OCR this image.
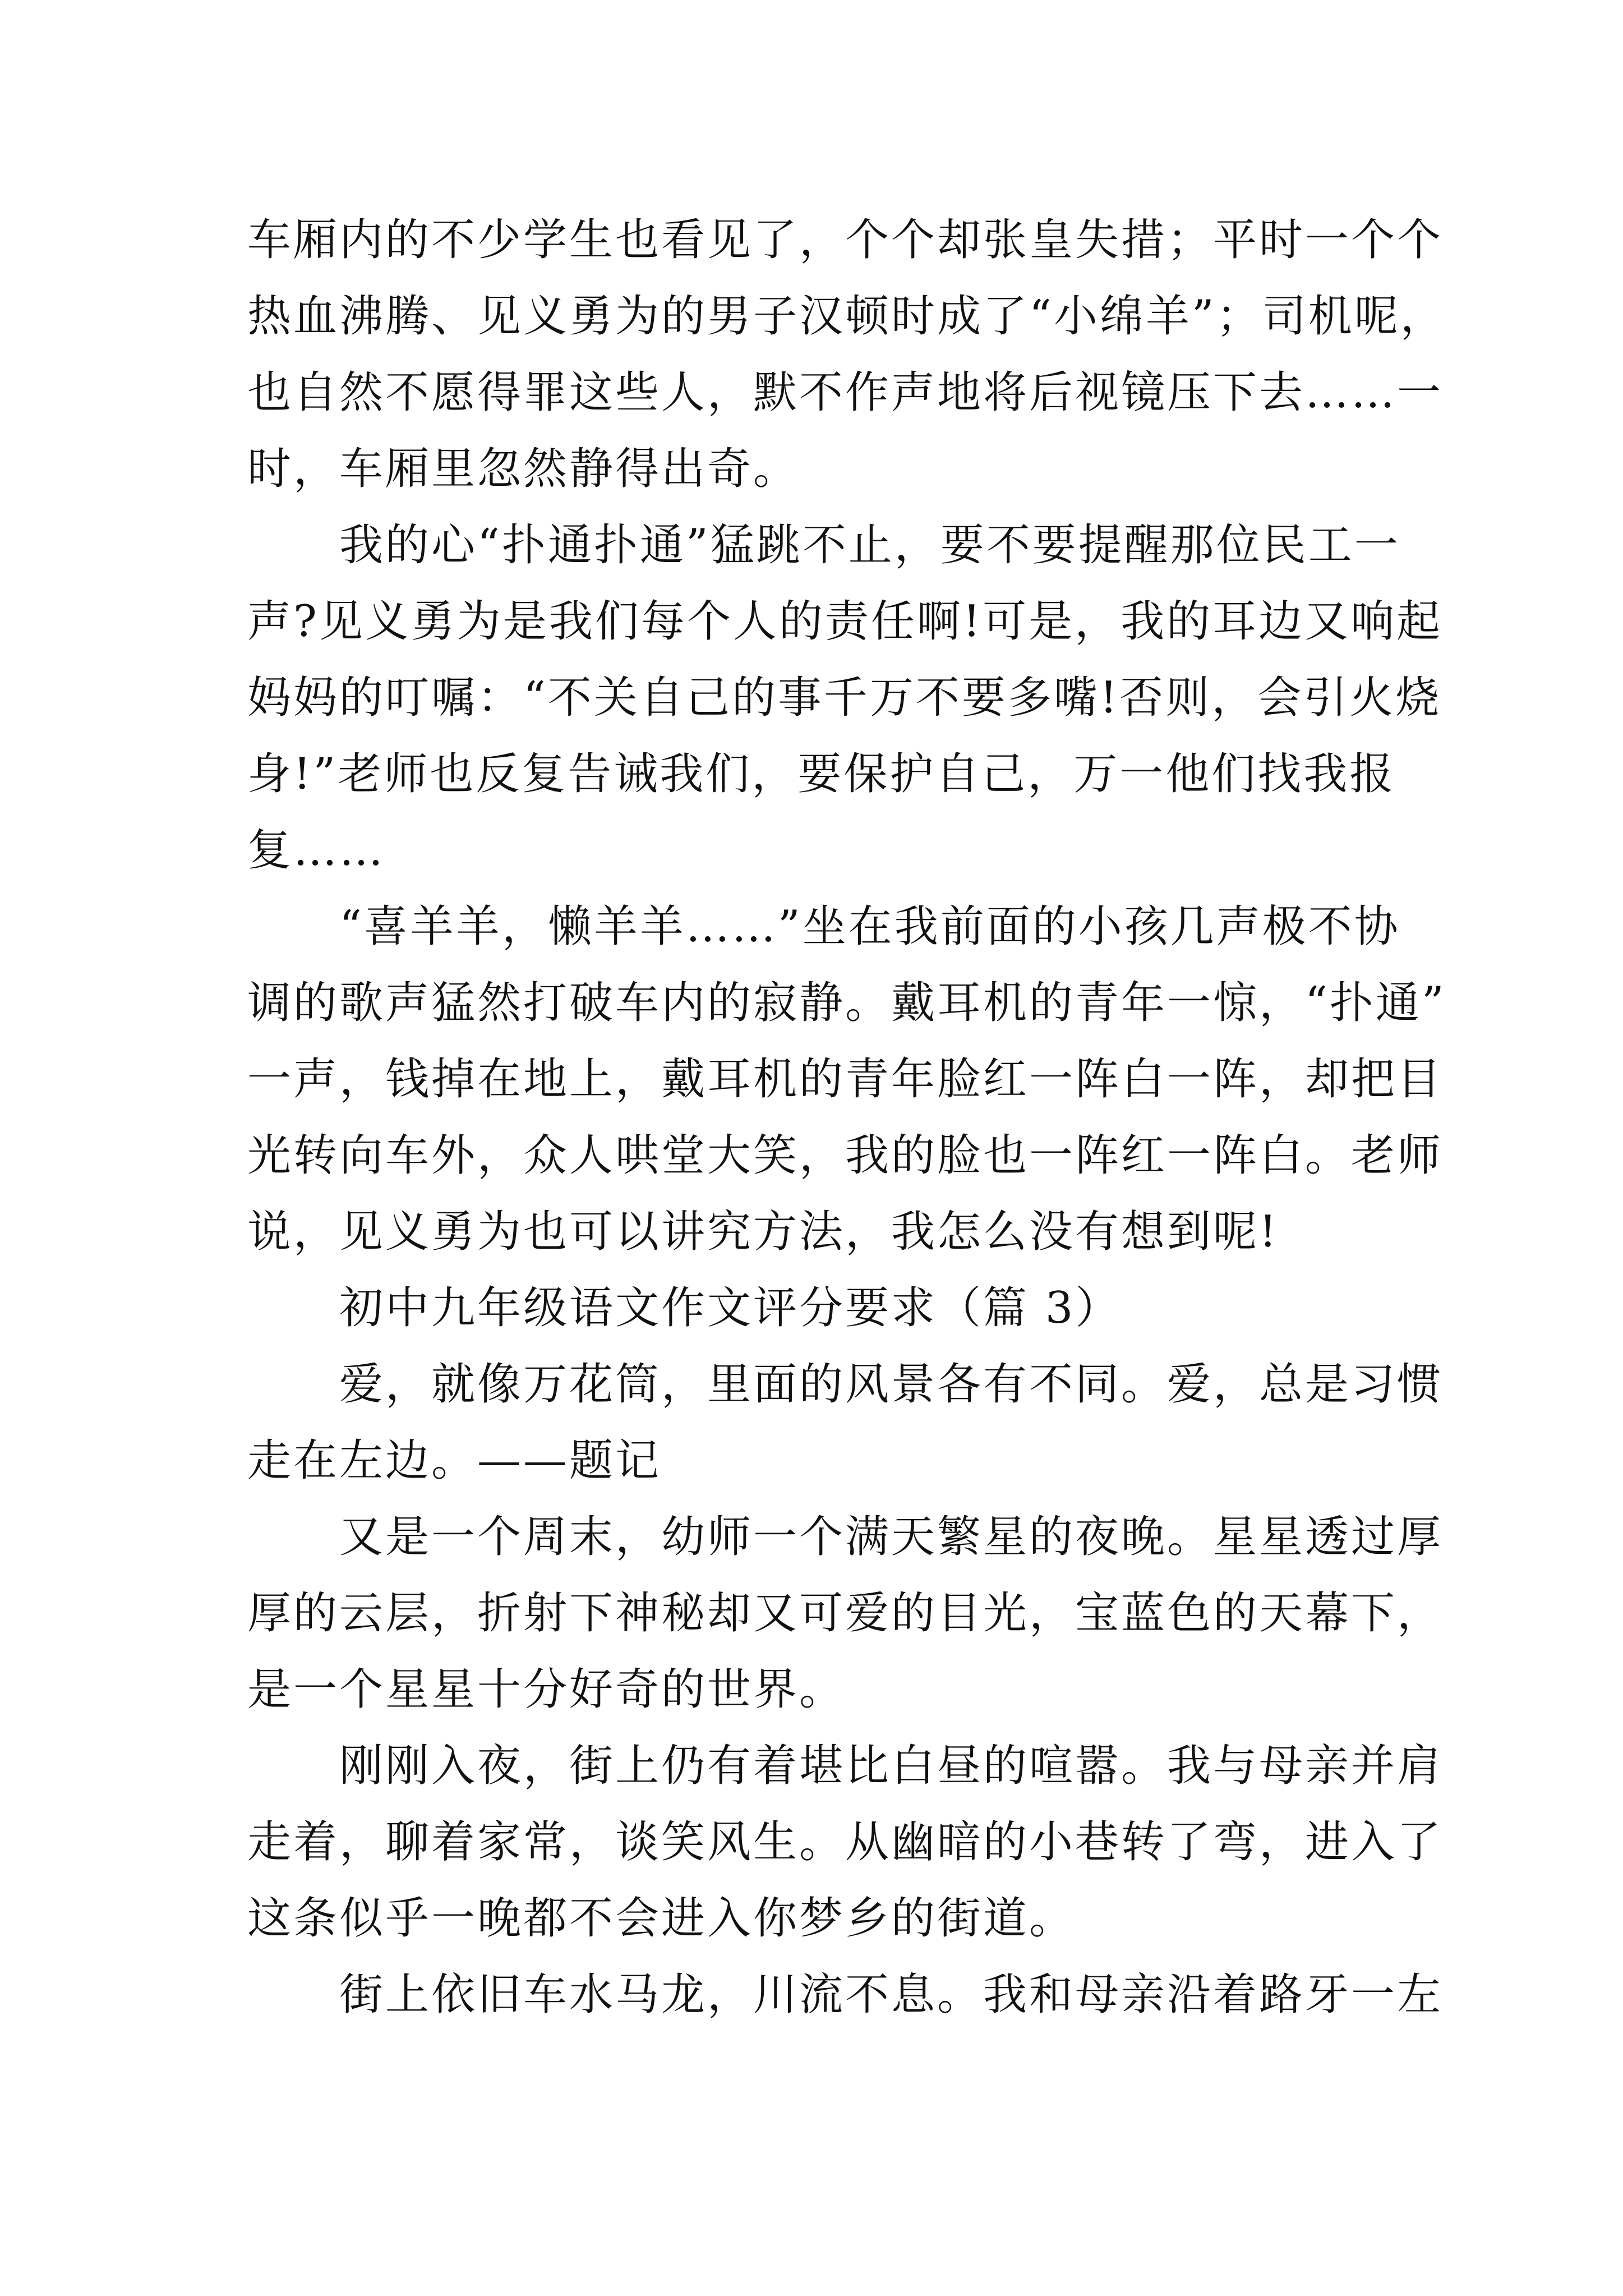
车厢内的不少学生也看见了，个个却张皇失措；平时一个个

热血沸腾、见义勇为的男子汉顿时成了“小绵羊”；司机呢，

也自然不愿得罪这些人，默不作声地将后视镜压下去……一

时，车厢里忽然静得出奇。

我的心“扑通扑通”猛跳不止，要不要提醒那位民工一

声?见义勇为是我们每个人的责任啊!可是，我的耳边又响起

妈妈的叮嘱：“不关自己的事千万不要多嘴!否则，会引火烧

身!”老师也反复告诫我们，要保护自己，万一他们找我报

复……

“喜羊羊，懒羊羊……”坐在我前面的小孩几声极不协

调的歌声猛然打破车内的寂静。戴耳机的青年一惊，“扑通”

一声，钱掉在地上，戴耳机的青年脸红一阵白一阵，却把目

光转向车外，众人哄堂大笑，我的脸也一阵红一阵白。老师

说，见义勇为也可以讲究方法，我怎么没有想到呢!

初中九年级语文作文评分要求（篇 3）

爱，就像万花筒，里面的风景各有不同。爱，总是习惯

走在左边。——题记

又是一个周末，幼师一个满天繁星的夜晚。星星透过厚

厚的云层，折射下神秘却又可爱的目光，宝蓝色的天幕下，

是一个星星十分好奇的世界。

刚刚入夜，街上仍有着堪比白昼的喧嚣。我与母亲并肩

走着，聊着家常，谈笑风生。从幽暗的小巷转了弯，进入了

这条似乎一晚都不会进入你梦乡的街道。

街上依旧车水马龙，川流不息。我和母亲沿着路牙一左
